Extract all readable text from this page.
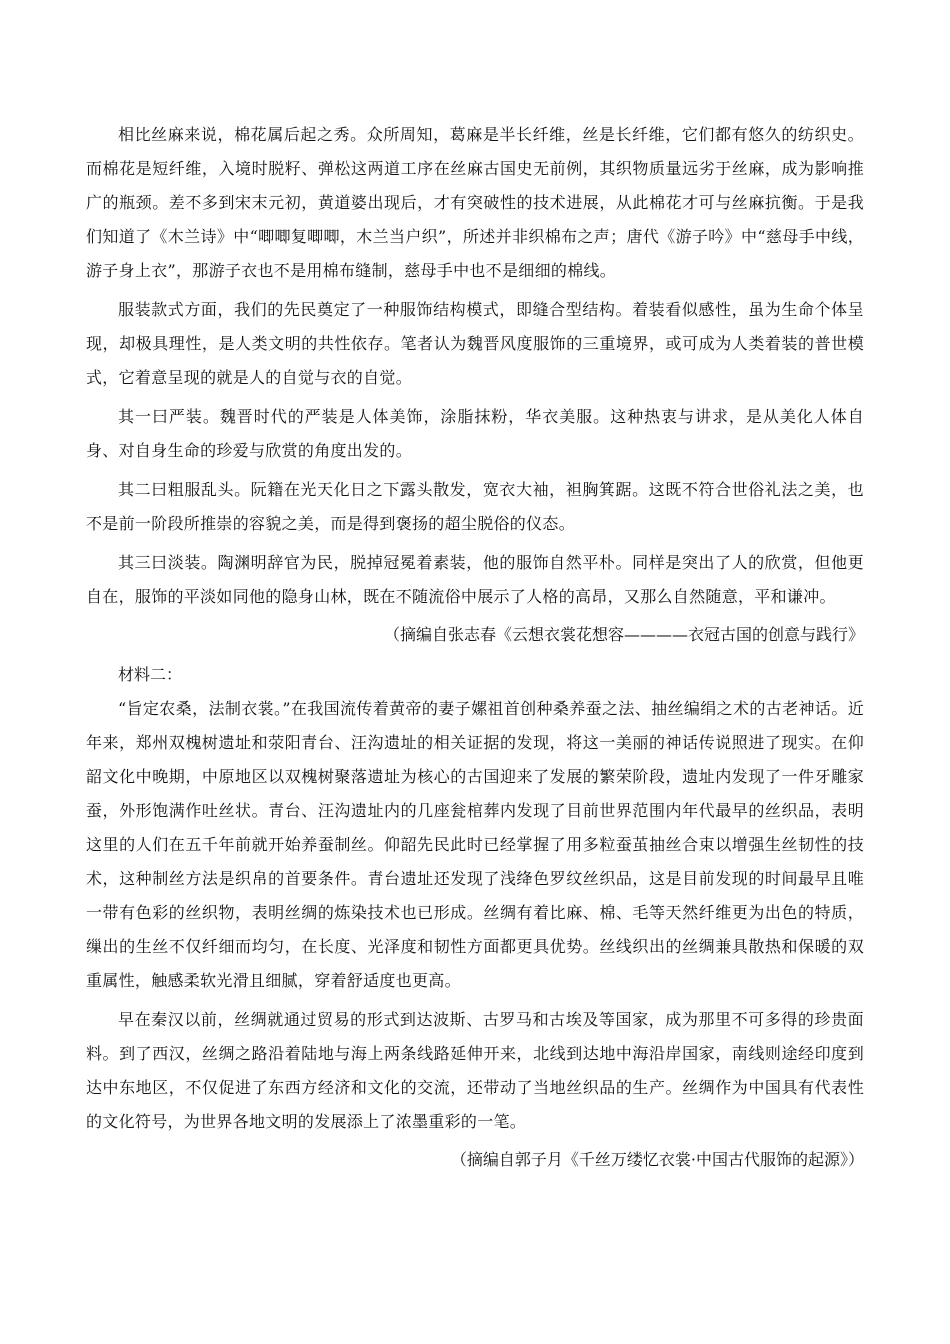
相比丝麻来说，棉花属后起之秀。众所周知，葛麻是半长纤维，丝是长纤维，它们都有悠久的纺织史。而棉花是短纤维，入境时脱籽、弹松这两道工序在丝麻古国史无前例，其织物质量远劣于丝麻，成为影响推广的瓶颈。差不多到宋末元初，黄道婆出现后，才有突破性的技术进展，从此棉花才可与丝麻抗衡。于是我们知道了《木兰诗》中“唧唧复唧唧，木兰当户织”，所述并非织棉布之声；唐代《游子吟》中“慈母手中线，游子身上衣”，那游子衣也不是用棉布缝制，慈母手中也不是细细的棉线。

服装款式方面，我们的先民奠定了一种服饰结构模式，即缝合型结构。着装看似感性，虽为生命个体呈现，却极具理性，是人类文明的共性依存。笔者认为魏晋风度服饰的三重境界，或可成为人类着装的普世模式，它着意呈现的就是人的自觉与衣的自觉。

其一曰严装。魏晋时代的严装是人体美饰，涂脂抹粉，华衣美服。这种热衷与讲求，是从美化人体自身、对自身生命的珍爱与欣赏的角度出发的。

其二曰粗服乱头。阮籍在光天化日之下露头散发，宽衣大袖，袒胸箕踞。这既不符合世俗礼法之美，也不是前一阶段所推崇的容貌之美，而是得到褒扬的超尘脱俗的仪态。

其三曰淡装。陶渊明辞官为民，脱掉冠冕着素装，他的服饰自然平朴。同样是突出了人的欣赏，但他更自在，服饰的平淡如同他的隐身山林，既在不随流俗中展示了人格的高昂，又那么自然随意，平和谦冲。

（摘编自张志春《云想衣裳花想容————衣冠古国的创意与践行》

材料二：

“旨定农桑，法制衣裳。”在我国流传着黄帝的妻子嫘祖首创种桑养蚕之法、抽丝编绢之术的古老神话。近年来，郑州双槐树遗址和荥阳青台、汪沟遗址的相关证据的发现，将这一美丽的神话传说照进了现实。在仰韶文化中晚期，中原地区以双槐树聚落遗址为核心的古国迎来了发展的繁荣阶段，遗址内发现了一件牙雕家蚕，外形饱满作吐丝状。青台、汪沟遗址内的几座瓮棺葬内发现了目前世界范围内年代最早的丝织品，表明这里的人们在五千年前就开始养蚕制丝。仰韶先民此时已经掌握了用多粒蚕茧抽丝合束以增强生丝韧性的技术，这种制丝方法是织帛的首要条件。青台遗址还发现了浅绛色罗纹丝织品，这是目前发现的时间最早且唯一带有色彩的丝织物，表明丝绸的炼染技术也已形成。丝绸有着比麻、棉、毛等天然纤维更为出色的特质，缫出的生丝不仅纤细而均匀，在长度、光泽度和韧性方面都更具优势。丝线织出的丝绸兼具散热和保暖的双重属性，触感柔软光滑且细腻，穿着舒适度也更高。

早在秦汉以前，丝绸就通过贸易的形式到达波斯、古罗马和古埃及等国家，成为那里不可多得的珍贵面料。到了西汉，丝绸之路沿着陆地与海上两条线路延伸开来，北线到达地中海沿岸国家，南线则途经印度到达中东地区，不仅促进了东西方经济和文化的交流，还带动了当地丝织品的生产。丝绸作为中国具有代表性的文化符号，为世界各地文明的发展添上了浓墨重彩的一笔。

（摘编自郭子月《千丝万缕忆衣裳·中国古代服饰的起源》）
